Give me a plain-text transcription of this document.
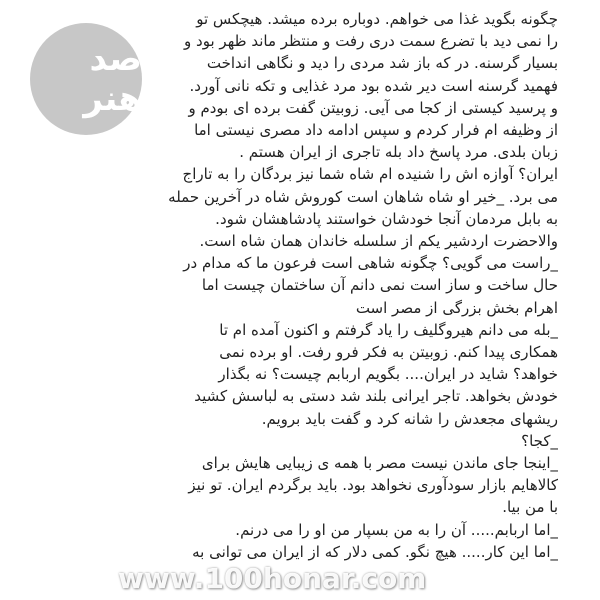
چگونه بگوید غذا می خواهم. دوباره برده میشد. هیچکس تو
را نمی دید با تضرع سمت دری رفت و منتظر ماند ظهر بود و
بسیار گرسنه. در که باز شد مردی را دید و نگاهی انداخت
فهمید گرسنه است دیر شده بود مرد غذایی و تکه نانی آورد.
و پرسید کیستی از کجا می آیی. زوبیتن گفت برده ای بودم و
از وظیفه ام فرار کردم و سپس ادامه داد مصری نیستی اما
زبان بلدی. مرد پاسخ داد بله تاجری از ایران هستم .
ایران؟ آوازه اش را شنیده ام شاه شما نیز بردگان را به تاراج
می برد. _خیر او شاه شاهان است کوروش شاه در آخرین حمله
به بابل مردمان آنجا خودشان خواستند پادشاهشان شود.
والاحضرت اردشیر یکم از سلسله خاندان همان شاه است.
_راست می گویی؟ چگونه شاهی است فرعون ما که مدام در
حال ساخت و ساز است نمی دانم آن ساختمان چیست اما
اهرام بخش بزرگی از مصر است
_بله می دانم هیروگلیف را یاد گرفتم و اکنون آمده ام تا
همکاری پیدا کنم. زوبیتن به فکر فرو رفت. او برده نمی
خواهد؟ شاید در ایران.... بگویم اربابم چیست؟ نه بگذار
خودش بخواهد. تاجر ایرانی بلند شد دستی به لباسش کشید
ریشهای مجعدش را شانه کرد و گفت باید برویم.
_کجا؟
_اینجا جای ماندن نیست مصر با همه ی زیبایی هایش برای
کالاهایم بازار سودآوری نخواهد بود. باید برگردم ایران. تو نیز
با من بیا.
_اما اربابم..... آن را به من بسپار من او را می درنم.
_اما این کار..... هیچ نگو. کمی دلار که از ایران می توانی به
صد هنر
www.100honar.com
